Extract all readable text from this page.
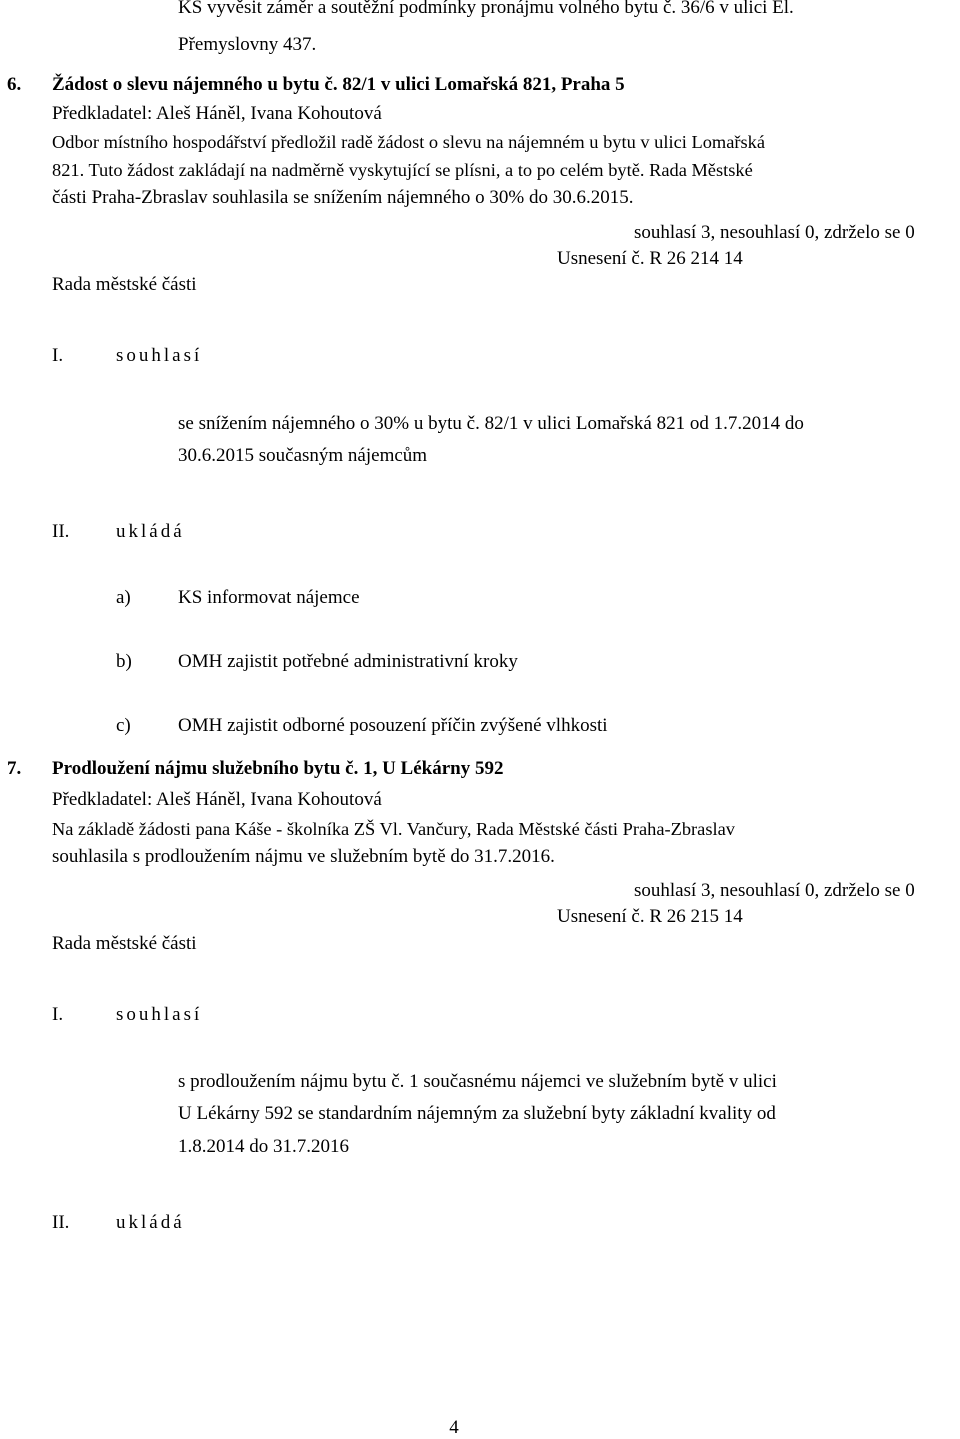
KS vyvěsit záměr a soutěžní podmínky pronájmu volného bytu č. 36/6 v ulici El.
Přemyslovny 437.
6. Žádost o slevu nájemného u bytu č. 82/1 v ulici Lomařská 821, Praha 5
Předkladatel: Aleš Háněl, Ivana Kohoutová
Odbor místního hospodářství předložil radě žádost o slevu na nájemném u bytu v ulici Lomařská
821. Tuto žádost zakládají na nadměrně vyskytující se plísni, a to po celém bytě. Rada Městské
části Praha-Zbraslav souhlasila se snížením nájemného o 30% do 30.6.2015.
souhlasí 3, nesouhlasí 0, zdrželo se 0
Usnesení č. R 26 214 14
Rada městské části
I.	souhlasí
se snížením nájemného o 30% u bytu č. 82/1 v ulici Lomařská 821 od 1.7.2014 do
30.6.2015 současným nájemcům
II. ukládá
a) KS informovat nájemce
b) OMH zajistit potřebné administrativní kroky
c) OMH zajistit odborné posouzení příčin zvýšené vlhkosti
7. Prodloužení nájmu služebního bytu č. 1, U Lékárny 592
Předkladatel: Aleš Háněl, Ivana Kohoutová
Na základě žádosti pana Káše - školníka ZŠ Vl. Vančury, Rada Městské části Praha-Zbraslav
souhlasila s prodloužením nájmu ve služebním bytě do 31.7.2016.
souhlasí 3, nesouhlasí 0, zdrželo se 0
Usnesení č. R 26 215 14
Rada městské části
I.	souhlasí
s prodloužením nájmu bytu č. 1 současnému nájemci ve služebním bytě v ulici
U Lékárny 592 se standardním nájemným za služební byty základní kvality od
1.8.2014 do 31.7.2016
II. ukládá
4
